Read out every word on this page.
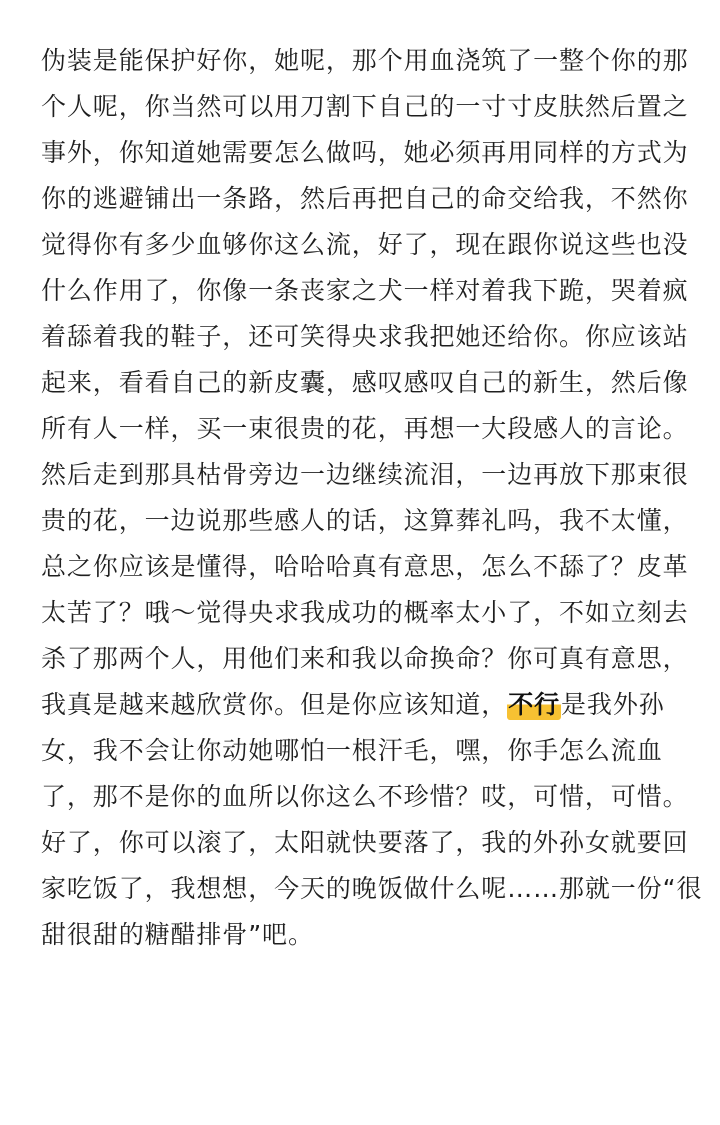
伪装是能保护好你，她呢，那个用血浇筑了一整个你的那
个人呢，你当然可以用刀割下自己的一寸寸皮肤然后置之
事外，你知道她需要怎么做吗，她必须再用同样的方式为
你的逃避铺出一条路，然后再把自己的命交给我，不然你
觉得你有多少血够你这么流，好了，现在跟你说这些也没
什么作用了，你像一条丧家之犬一样对着我下跪，哭着疯
着舔着我的鞋子，还可笑得央求我把她还给你。你应该站
起来，看看自己的新皮囊，感叹感叹自己的新生，然后像
所有人一样，买一束很贵的花，再想一大段感人的言论。
然后走到那具枯骨旁边一边继续流泪，一边再放下那束很
贵的花，一边说那些感人的话，这算葬礼吗，我不太懂，
总之你应该是懂得，哈哈哈真有意思，怎么不舔了？皮革
太苦了？哦～觉得央求我成功的概率太小了，不如立刻去
杀了那两个人，用他们来和我以命换命？你可真有意思，
我真是越来越欣赏你。但是你应该知道，不行是我外孙
女，我不会让你动她哪怕一根汗毛，嘿，你手怎么流血
了，那不是你的血所以你这么不珍惜？哎，可惜，可惜。
好了，你可以滚了，太阳就快要落了，我的外孙女就要回
家吃饭了，我想想，今天的晚饭做什么呢……那就一份“很
甜很甜的糖醋排骨”吧。
